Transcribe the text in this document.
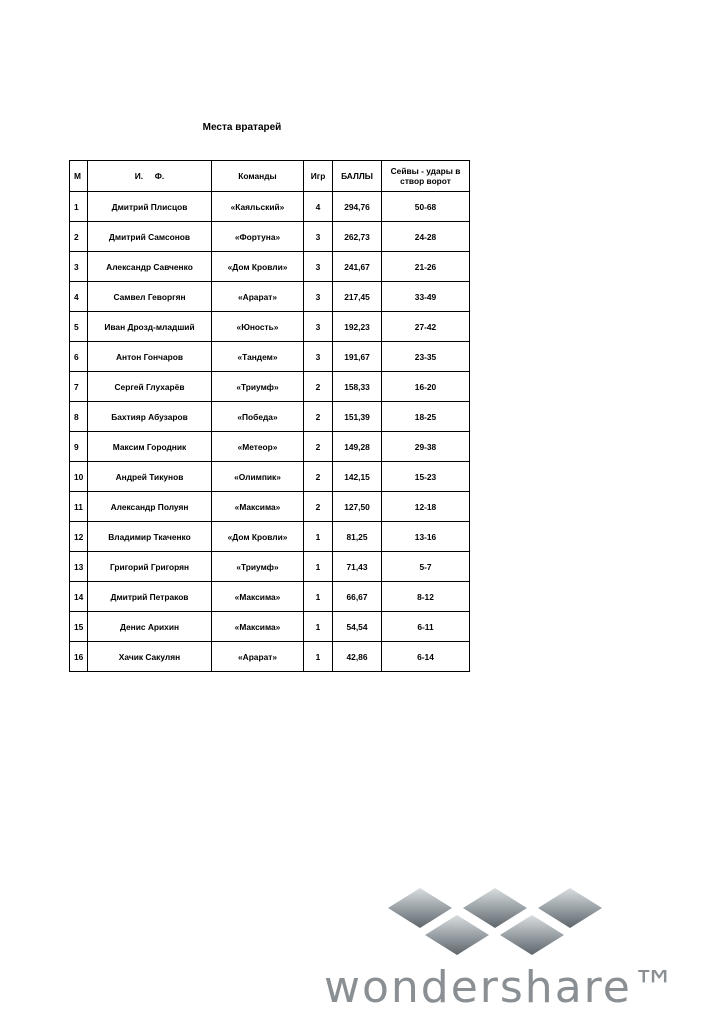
Места вратарей
М	И.     Ф.	Команды	Игр	БАЛЛЫ	Сейвы - удары в створ ворот
1	Дмитрий Плисцов	«Каяльский»	4	294,76	50-68
2	Дмитрий Самсонов	«Фортуна»	3	262,73	24-28
3	Александр Савченко	«Дом Кровли»	3	241,67	21-26
4	Самвел Геворгян	«Арарат»	3	217,45	33-49
5	Иван Дрозд-младший	«Юность»	3	192,23	27-42
6	Антон Гончаров	«Тандем»	3	191,67	23-35
7	Сергей Глухарёв	«Триумф»	2	158,33	16-20
8	Бахтияр Абузаров	«Победа»	2	151,39	18-25
9	Максим Городник	«Метеор»	2	149,28	29-38
10	Андрей Тикунов	«Олимпик»	2	142,15	15-23
11	Александр Полуян	«Максима»	2	127,50	12-18
12	Владимир Ткаченко	«Дом Кровли»	1	81,25	13-16
13	Григорий Григорян	«Триумф»	1	71,43	5-7
14	Дмитрий Петраков	«Максима»	1	66,67	8-12
15	Денис Арихин	«Максима»	1	54,54	6-11
16	Хачик Сакулян	«Арарат»	1	42,86	6-14
wondershare™
